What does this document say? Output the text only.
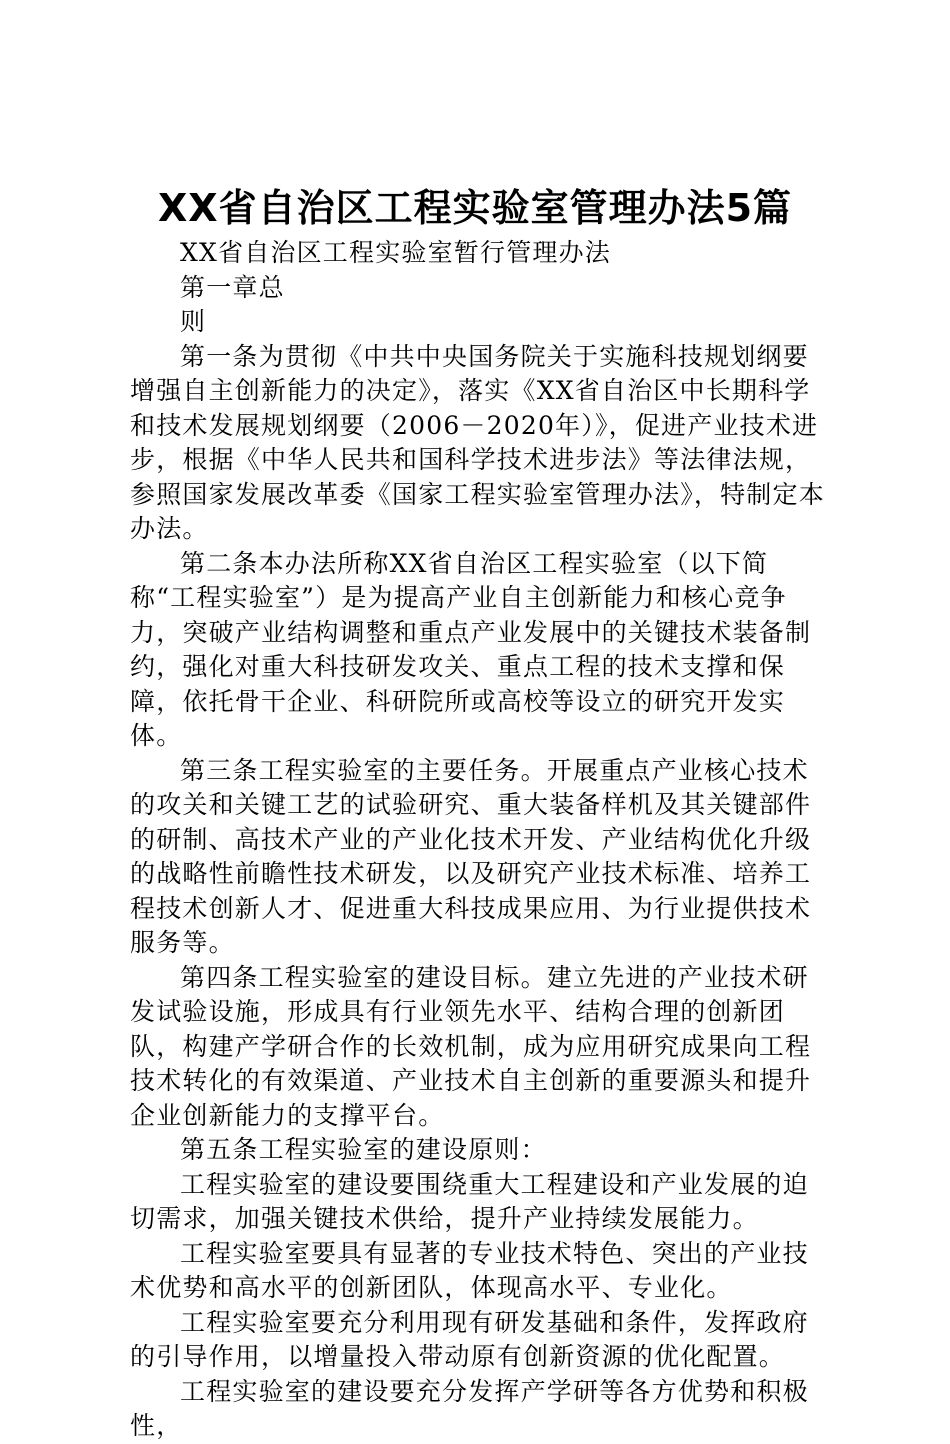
XX省自治区工程实验室管理办法5篇

XX省自治区工程实验室暂行管理办法

第一章总

则

第一条为贯彻《中共中央国务院关于实施科技规划纲要增强自主创新能力的决定》，落实《XX省自治区中长期科学和技术发展规划纲要（2006－2020年）》，促进产业技术进步，根据《中华人民共和国科学技术进步法》等法律法规，参照国家发展改革委《国家工程实验室管理办法》，特制定本办法。

第二条本办法所称XX省自治区工程实验室（以下简称“工程实验室”）是为提高产业自主创新能力和核心竞争力，突破产业结构调整和重点产业发展中的关键技术装备制约，强化对重大科技研发攻关、重点工程的技术支撑和保障，依托骨干企业、科研院所或高校等设立的研究开发实体。

第三条工程实验室的主要任务。开展重点产业核心技术的攻关和关键工艺的试验研究、重大装备样机及其关键部件的研制、高技术产业的产业化技术开发、产业结构优化升级的战略性前瞻性技术研发，以及研究产业技术标准、培养工程技术创新人才、促进重大科技成果应用、为行业提供技术服务等。

第四条工程实验室的建设目标。建立先进的产业技术研发试验设施，形成具有行业领先水平、结构合理的创新团队，构建产学研合作的长效机制，成为应用研究成果向工程技术转化的有效渠道、产业技术自主创新的重要源头和提升企业创新能力的支撑平台。

第五条工程实验室的建设原则：

工程实验室的建设要围绕重大工程建设和产业发展的迫切需求，加强关键技术供给，提升产业持续发展能力。

工程实验室要具有显著的专业技术特色、突出的产业技术优势和高水平的创新团队，体现高水平、专业化。

工程实验室要充分利用现有研发基础和条件，发挥政府的引导作用，以增量投入带动原有创新资源的优化配置。

工程实验室的建设要充分发挥产学研等各方优势和积极性，
